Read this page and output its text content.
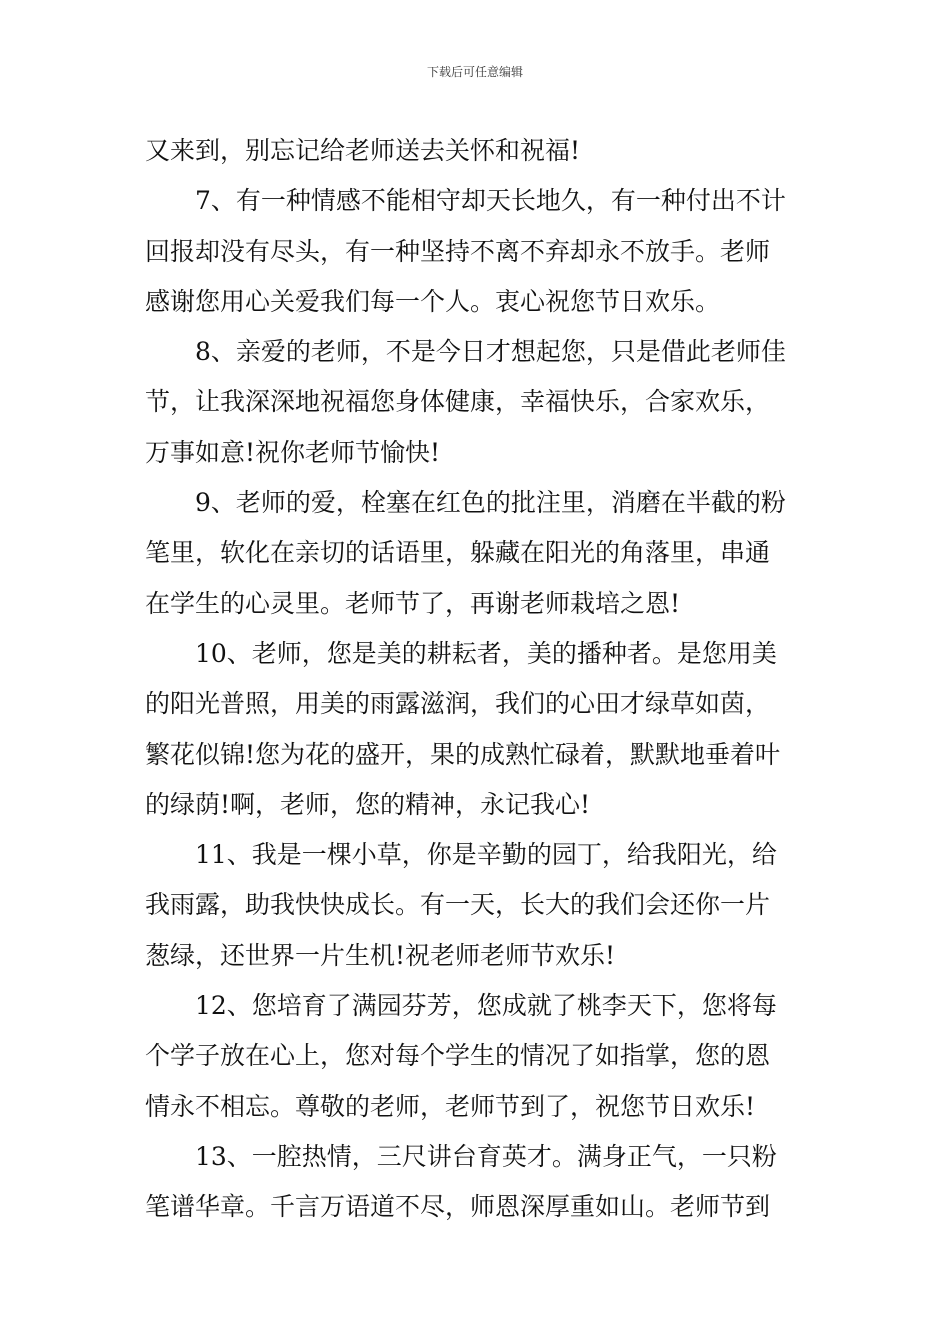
下载后可任意编辑

又来到，别忘记给老师送去关怀和祝福!

7、有一种情感不能相守却天长地久，有一种付出不计
回报却没有尽头，有一种坚持不离不弃却永不放手。老师
感谢您用心关爱我们每一个人。衷心祝您节日欢乐。

8、亲爱的老师，不是今日才想起您，只是借此老师佳
节，让我深深地祝福您身体健康，幸福快乐，合家欢乐，
万事如意!祝你老师节愉快!

9、老师的爱，栓塞在红色的批注里，消磨在半截的粉
笔里，软化在亲切的话语里，躲藏在阳光的角落里，串通
在学生的心灵里。老师节了，再谢老师栽培之恩!

10、老师，您是美的耕耘者，美的播种者。是您用美
的阳光普照，用美的雨露滋润，我们的心田才绿草如茵，
繁花似锦!您为花的盛开，果的成熟忙碌着，默默地垂着叶
的绿荫!啊，老师，您的精神，永记我心!

11、我是一棵小草，你是辛勤的园丁，给我阳光，给
我雨露，助我快快成长。有一天，长大的我们会还你一片
葱绿，还世界一片生机!祝老师老师节欢乐!

12、您培育了满园芬芳，您成就了桃李天下，您将每
个学子放在心上，您对每个学生的情况了如指掌，您的恩
情永不相忘。尊敬的老师，老师节到了，祝您节日欢乐!

13、一腔热情，三尺讲台育英才。满身正气，一只粉
笔谱华章。千言万语道不尽，师恩深厚重如山。老师节到
